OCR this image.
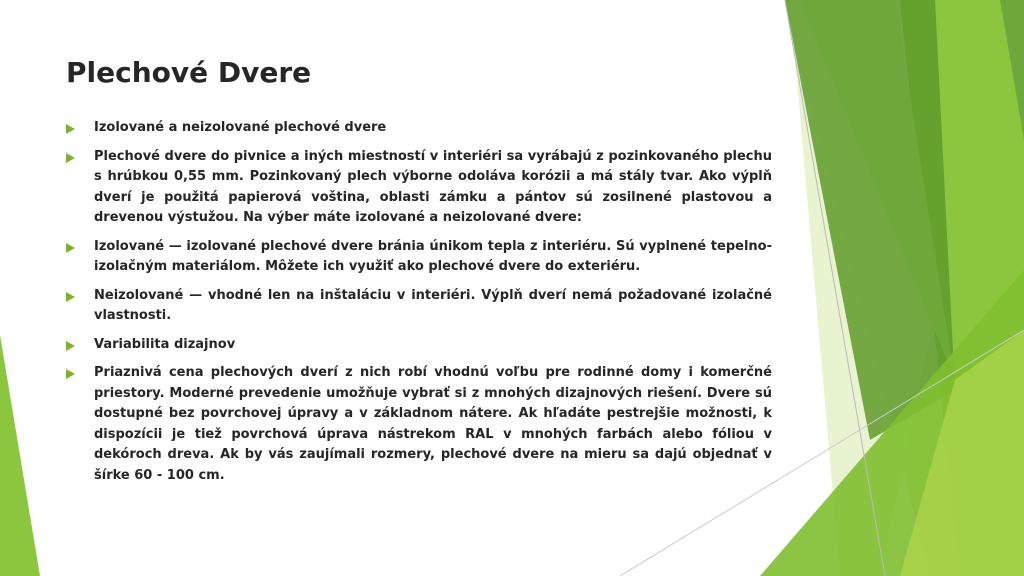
Plechové Dvere
Izolované a neizolované plechové dvere
Plechové dvere do pivnice a iných miestností v interiéri sa vyrábajú z pozinkovaného plechu s hrúbkou 0,55 mm. Pozinkovaný plech výborne odoláva korózii a má stály tvar. Ako výplň dverí je použitá papierová voština, oblasti zámku a pántov sú zosilnené plastovou a drevenou výstužou. Na výber máte izolované a neizolované dvere:
Izolované — izolované plechové dvere bránia únikom tepla z interiéru. Sú vyplnené tepelno-izolačným materiálom. Môžete ich využiť ako plechové dvere do exteriéru.
Neizolované — vhodné len na inštaláciu v interiéri. Výplň dverí nemá požadované izolačné vlastnosti.
Variabilita dizajnov
Priaznivá cena plechových dverí z nich robí vhodnú voľbu pre rodinné domy i komerčné priestory. Moderné prevedenie umožňuje vybrať si z mnohých dizajnových riešení. Dvere sú dostupné bez povrchovej úpravy a v základnom nátere. Ak hľadáte pestrejšie možnosti, k dispozícii je tiež povrchová úprava nástrekom RAL v mnohých farbách alebo fóliou v dekóroch dreva. Ak by vás zaujímali rozmery, plechové dvere na mieru sa dajú objednať v šírke 60 - 100 cm.
